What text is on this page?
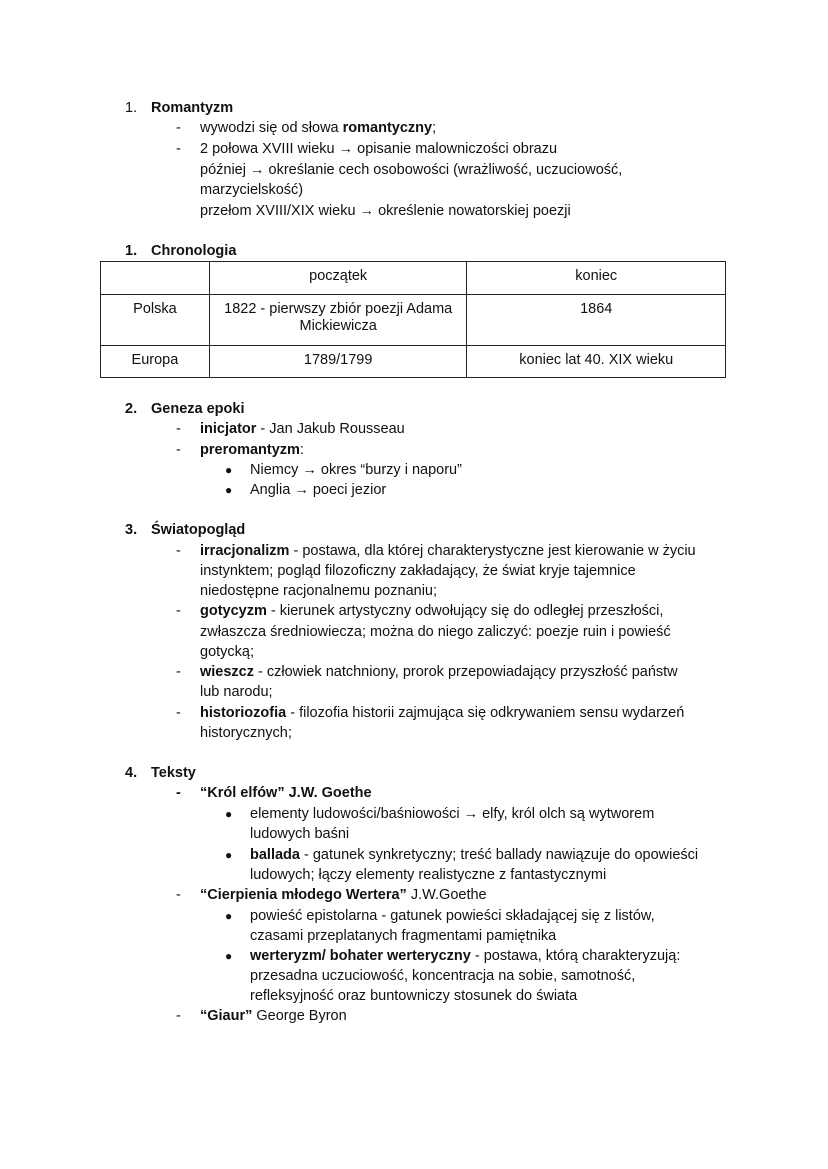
1. Romantyzm
- wywodzi się od słowa romantyczny;
- 2 połowa XVIII wieku → opisanie malowniczości obrazu
później → określanie cech osobowości (wrażliwość, uczuciowość,
marzycielskość)
przełom XVIII/XIX wieku → określenie nowatorskiej poezji
1. Chronologia
	początek	koniec
Polska	1822 - pierwszy zbiór poezji Adama Mickiewicza	1864
Europa	1789/1799	koniec lat 40. XIX wieku
2. Geneza epoki
- inicjator - Jan Jakub Rousseau
- preromantyzm:
● Niemcy → okres “burzy i naporu”
● Anglia → poeci jezior
3. Światopogląd
- irracjonalizm - postawa, dla której charakterystyczne jest kierowanie w życiu
instynktem; pogląd filozoficzny zakładający, że świat kryje tajemnice
niedostępne racjonalnemu poznaniu;
- gotycyzm - kierunek artystyczny odwołujący się do odległej przeszłości,
zwłaszcza średniowiecza; można do niego zaliczyć: poezje ruin i powieść
gotycką;
- wieszcz - człowiek natchniony, prorok przepowiadający przyszłość państw
lub narodu;
- historiozofia - filozofia historii zajmująca się odkrywaniem sensu wydarzeń
historycznych;
4. Teksty
- “Król elfów” J.W. Goethe
● elementy ludowości/baśniowości → elfy, król olch są wytworem
ludowych baśni
● ballada - gatunek synkretyczny; treść ballady nawiązuje do opowieści
ludowych; łączy elementy realistyczne z fantastycznymi
- “Cierpienia młodego Wertera” J.W.Goethe
● powieść epistolarna - gatunek powieści składającej się z listów,
czasami przeplatanych fragmentami pamiętnika
● werteryzm/ bohater werteryczny - postawa, którą charakteryzują:
przesadna uczuciowość, koncentracja na sobie, samotność,
refleksyjność oraz buntowniczy stosunek do świata
- “Giaur” George Byron
